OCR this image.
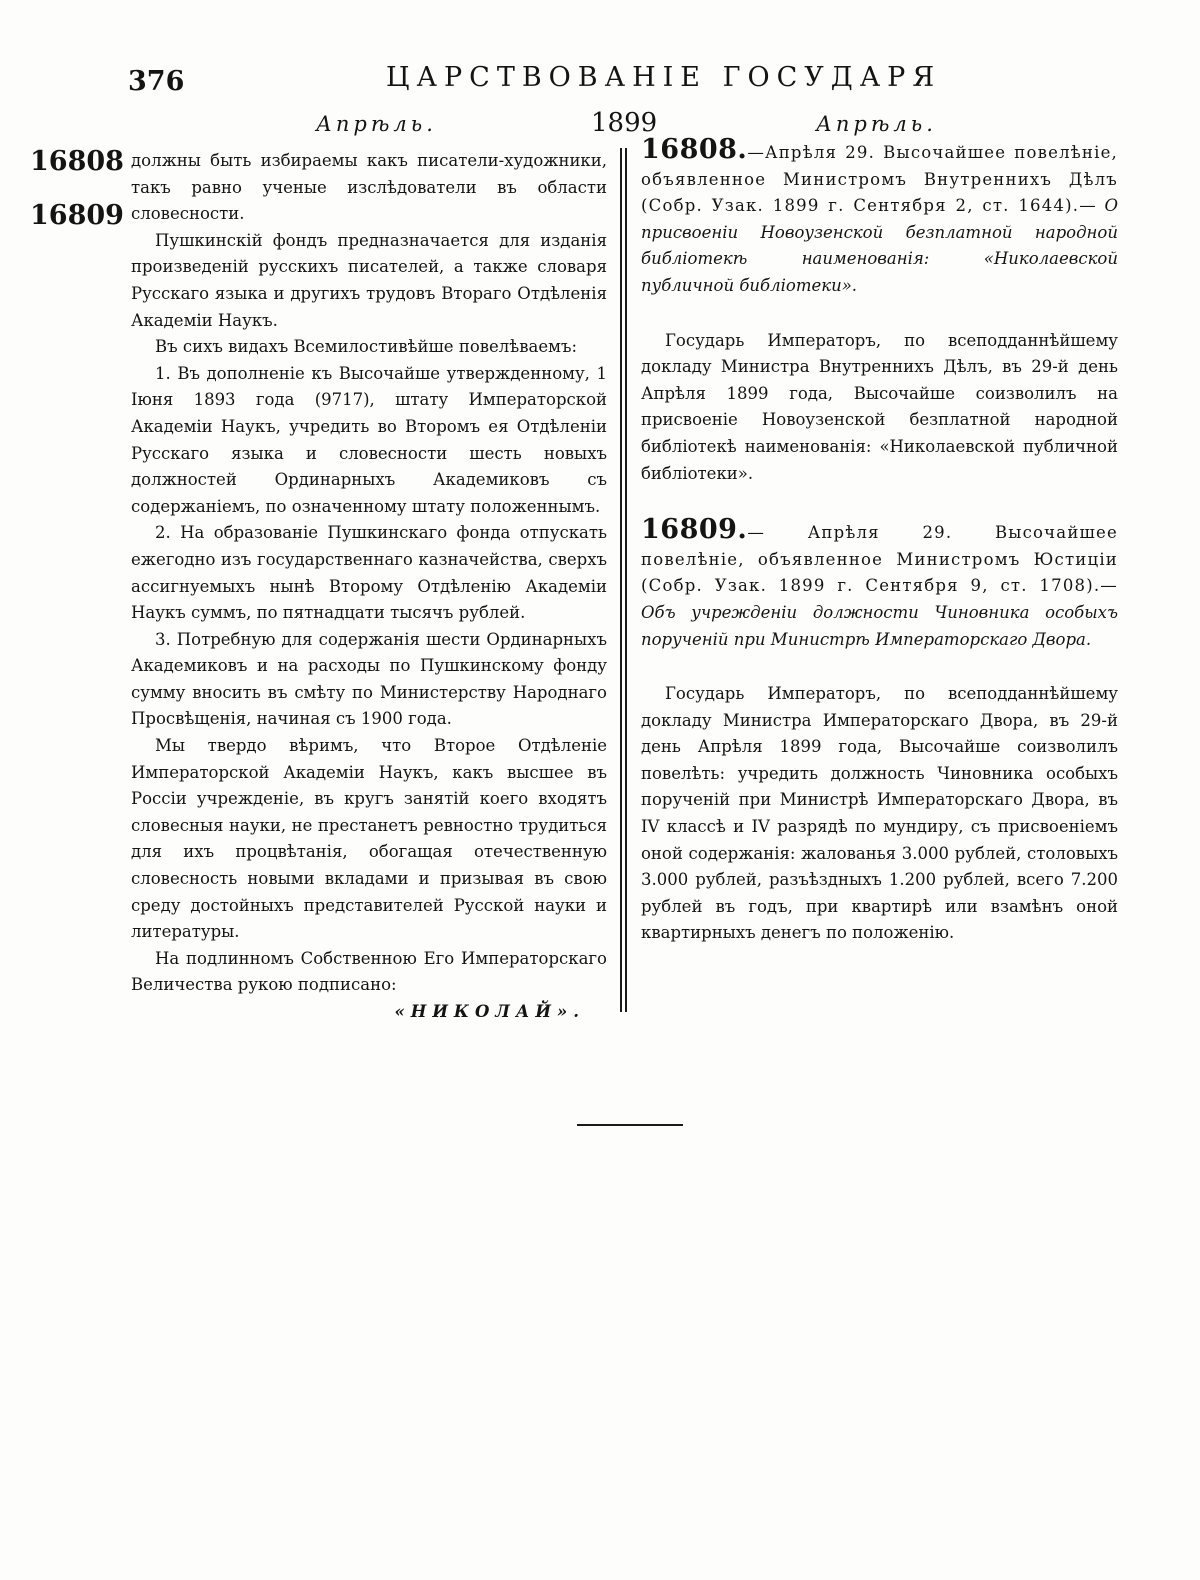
376	ЦАРСТВОВАНІЕ ГОСУДАРЯ
Апрѣль.	1899	Апрѣль.
16808
16809

должны быть избираемы какъ писатели-художники, такъ равно ученые изслѣдователи въ области словесности.

Пушкинскій фондъ предназначается для изданія произведеній русскихъ писателей, а также словаря Русскаго языка и другихъ трудовъ Втораго Отдѣленія Академіи Наукъ.

Въ сихъ видахъ Всемилостивѣйше повелѣваемъ:

1. Въ дополненіе къ Высочайше утвержденному, 1 Іюня 1893 года (9717), штату Императорской Академіи Наукъ, учредить во Второмъ ея Отдѣленіи Русскаго языка и словесности шесть новыхъ должностей Ординарныхъ Академиковъ съ содержаніемъ, по означенному штату положеннымъ.

2. На образованіе Пушкинскаго фонда отпускать ежегодно изъ государственнаго казначейства, сверхъ ассигнуемыхъ нынѣ Второму Отдѣленію Академіи Наукъ суммъ, по пятнадцати тысячъ рублей.

3. Потребную для содержанія шести Ординарныхъ Академиковъ и на расходы по Пушкинскому фонду сумму вносить въ смѣту по Министерству Народнаго Просвѣщенія, начиная съ 1900 года.

Мы твердо вѣримъ, что Второе Отдѣленіе Императорской Академіи Наукъ, какъ высшее въ Россіи учрежденіе, въ кругъ занятій коего входятъ словесныя науки, не престанетъ ревностно трудиться для ихъ процвѣтанія, обогащая отечественную словесность новыми вкладами и призывая въ свою среду достойныхъ представителей Русской науки и литературы.

На подлинномъ Собственною Его Императорскаго Величества рукою подписано:

«НИКОЛАЙ».

16808.—Апрѣля 29. Высочайшее повелѣніе, объявленное Министромъ Внутреннихъ Дѣлъ (Собр. Узак. 1899 г. Сентября 2, ст. 1644).— О присвоеніи Новоузенской безплатной народной библіотекѣ наименованія: «Николаевской публичной библіотеки».

Государь Императоръ, по всеподданнѣйшему докладу Министра Внутреннихъ Дѣлъ, въ 29-й день Апрѣля 1899 года, Высочайше соизволилъ на присвоеніе Новоузенской безплатной народной библіотекѣ наименованія: «Николаевской публичной библіотеки».

16809.— Апрѣля 29. Высочайшее повелѣніе, объявленное Министромъ Юстиціи (Собр. Узак. 1899 г. Сентября 9, ст. 1708).— Объ учрежденіи должности Чиновника особыхъ порученій при Министрѣ Императорскаго Двора.

Государь Императоръ, по всеподданнѣйшему докладу Министра Императорскаго Двора, въ 29-й день Апрѣля 1899 года, Высочайше соизволилъ повелѣть: учредить должность Чиновника особыхъ порученій при Министрѣ Императорскаго Двора, въ IV классѣ и IV разрядѣ по мундиру, съ присвоеніемъ оной содержанія: жалованья 3.000 рублей, столовыхъ 3.000 рублей, разъѣздныхъ 1.200 рублей, всего 7.200 рублей въ годъ, при квартирѣ или взамѣнъ оной квартирныхъ денегъ по положенію.
